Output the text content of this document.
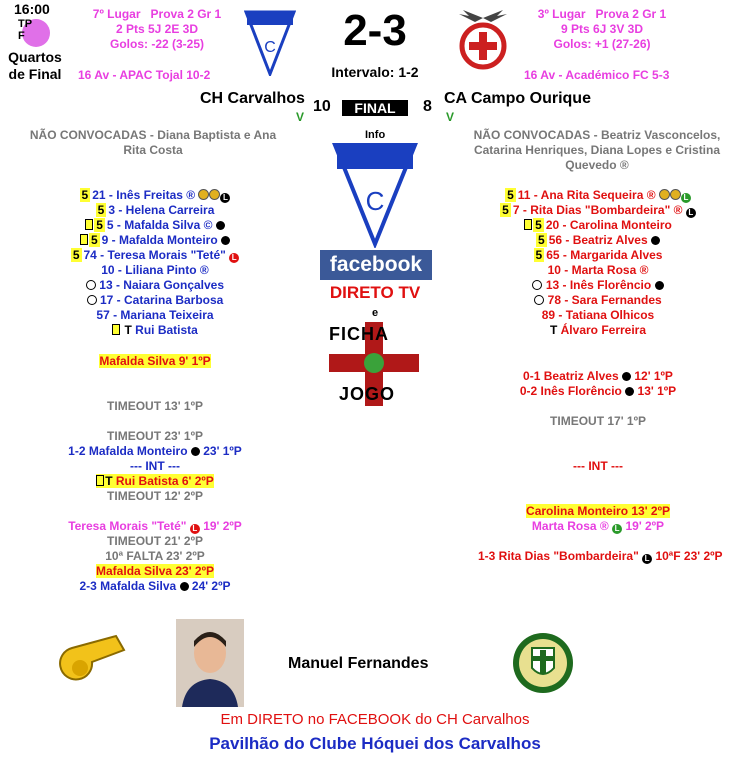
16:00
TP
F
Quartos de Final
7º Lugar Prova 2 Gr 1
2 Pts 5J 2E 3D
Golos: -22 (3-25)
16 Av - APAC Tojal 10-2
C	2-3
Intervalo: 1-2
3º Lugar Prova 2 Gr 1
9 Pts 6J 3V 3D
Golos: +1 (27-26)
16 Av - Académico FC 5-3
CH Carvalhos
V
10	FINAL	8 CA Campo Ourique
V
NÃO CONVOCADAS - Diana Baptista e Ana Rita Costa
NÃO CONVOCADAS - Beatriz Vasconcelos, Catarina Henriques, Diana Lopes e Cristina Quevedo ®
Info
C
facebook
DIRETO TV
e
FICHA
JOGO
5 21 - Inês Freitas ®	L
5 3 - Helena Carreira
5 5 - Mafalda Silva ©
5 9 - Mafalda Monteiro
5 74 - Teresa Morais "Teté" L
10 - Liliana Pinto ®
13 - Naiara Gonçalves
17 - Catarina Barbosa
57 - Mariana Teixeira
T Rui Batista
5 11 - Ana Rita Sequeira ®	L
5 7 - Rita Dias "Bombardeira" ® L
5 20 - Carolina Monteiro
5 56 - Beatriz Alves
5 65 - Margarida Alves
10 - Marta Rosa ®
13 - Inês Florêncio
78 - Sara Fernandes
89 - Tatiana Olhicos
T Álvaro Ferreira
Mafalda Silva 9' 1ºP
TIMEOUT 13' 1ºP
TIMEOUT 23' 1ºP
1-2 Mafalda Monteiro 23' 1ºP
--- INT ---
T Rui Batista 6' 2ºP
TIMEOUT 12' 2ºP
Teresa Morais "Teté" L 19' 2ºP
TIMEOUT 21' 2ºP
10ª FALTA 23' 2ºP
Mafalda Silva 23' 2ºP
2-3 Mafalda Silva 24' 2ºP
0-1 Beatriz Alves 12' 1ºP
0-2 Inês Florêncio 13' 1ºP
TIMEOUT 17' 1ºP
--- INT ---
Carolina Monteiro 13' 2ºP
Marta Rosa ® L 19' 2ºP
1-3 Rita Dias "Bombardeira" L 10ªF 23' 2ºP
Manuel Fernandes
Em DIRETO no FACEBOOK do CH Carvalhos
Pavilhão do Clube Hóquei dos Carvalhos
